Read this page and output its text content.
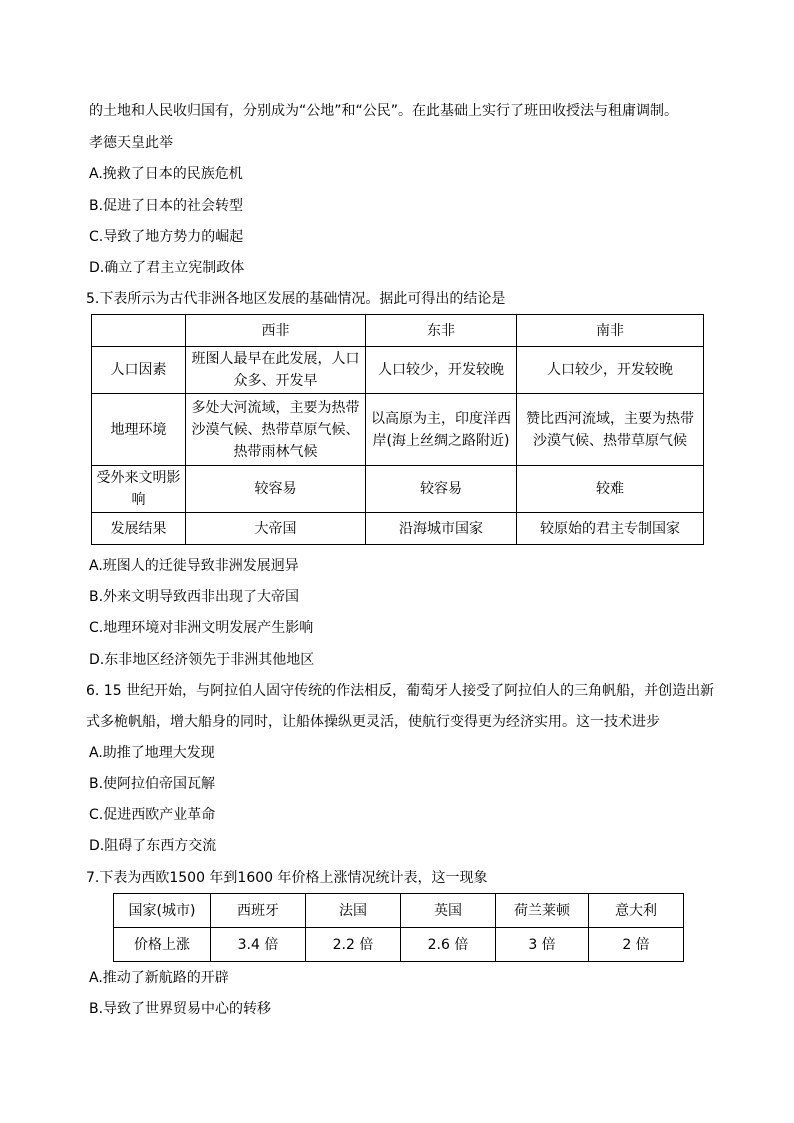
的土地和人民收归国有，分别成为“公地”和“公民”。在此基础上实行了班田收授法与租庸调制。
孝德天皇此举
A.挽救了日本的民族危机
B.促进了日本的社会转型
C.导致了地方势力的崛起
D.确立了君主立宪制政体
5.下表所示为古代非洲各地区发展的基础情况。据此可得出的结论是
	西非	东非	南非
人口因素	班图人最早在此发展，人口众多、开发早	人口较少，开发较晚	人口较少，开发较晚
地理环境	多处大河流域，主要为热带沙漠气候、热带草原气候、热带雨林气候	以高原为主，印度洋西岸(海上丝绸之路附近)	赞比西河流域，主要为热带沙漠气候、热带草原气候
受外来文明影响	较容易	较容易	较难
发展结果	大帝国	沿海城市国家	较原始的君主专制国家
A.班图人的迁徙导致非洲发展迥异
B.外来文明导致西非出现了大帝国
C.地理环境对非洲文明发展产生影响
D.东非地区经济领先于非洲其他地区
6. 15 世纪开始，与阿拉伯人固守传统的作法相反，葡萄牙人接受了阿拉伯人的三角帆船，并创造出新
式多桅帆船，增大船身的同时，让船体操纵更灵活，使航行变得更为经济实用。这一技术进步
A.助推了地理大发现
B.使阿拉伯帝国瓦解
C.促进西欧产业革命
D.阻碍了东西方交流
7.下表为西欧1500 年到1600 年价格上涨情况统计表，这一现象
国家(城市)	西班牙	法国	英国	荷兰莱顿	意大利
价格上涨	3.4 倍	2.2 倍	2.6 倍	3 倍	2 倍
A.推动了新航路的开辟
B.导致了世界贸易中心的转移
